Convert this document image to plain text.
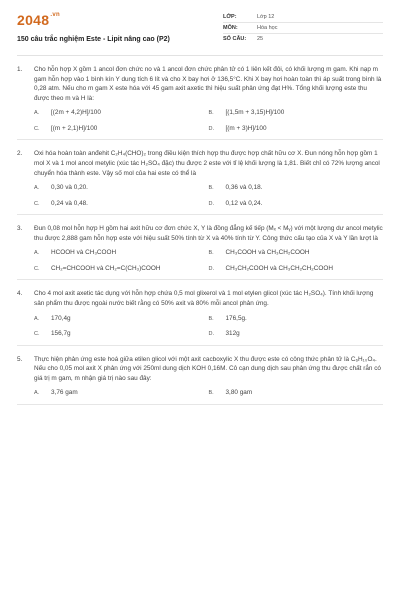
$2048^{.vn}$
150 câu trắc nghiệm Este - Lipit nâng cao (P2)
LỚP:	Lớp 12
MÔN:	Hóa học
SỐ CÂU:	25
1.	Cho hỗn hợp X gồm 1 ancol đơn chức no và 1 ancol đơn chức phân tử có 1 liên kết đôi, có khối lượng m gam. Khi nạp m gam hỗn hợp vào 1 bình kín Y dung tích 6 lít và cho X bay hơi ở 136,5°C. Khi X bay hơi hoàn toàn thì áp suất trong bình là 0,28 atm. Nếu cho m gam X este hóa với 45 gam axit axetic thì hiệu suất phản ứng đạt H%. Tổng khối lượng este thu được theo m và H là:
A.	[(2m + 4,2)H]/100	B.	[(1,5m + 3,15)H]/100
C.	[(m + 2,1)H]/100	D.	[(m + 3)H]/100
2.	Oxi hóa hoàn toàn anđehit C₂H₄(CHO)₂ trong điều kiện thích hợp thu được hợp chất hữu cơ X. Đun nóng hỗn hợp gồm 1 mol X và 1 mol ancol metylic (xúc tác H₂SO₄ đặc) thu được 2 este với tỉ lệ khối lượng là 1,81. Biết chỉ có 72% lượng ancol chuyển hóa thành este. Vậy số mol của hai este có thể là
A.	0,30 và 0,20.	B.	0,36 và 0,18.
C.	0,24 và 0,48.	D.	0,12 và 0,24.
3.	Đun 0,08 mol hỗn hợp H gồm hai axit hữu cơ đơn chức X, Y là đồng đẳng kế tiếp (Mₓ < Mᵧ) với một lượng dư ancol metylic thu được 2,888 gam hỗn hợp este với hiệu suất 50% tính từ X và 40% tính từ Y. Công thức cấu tạo của X và Y lần lượt là
A.	HCOOH và CH₃COOH	B.	CH₃COOH và CH₃CH₂COOH
C.	CH₂=CHCOOH và CH₂=C(CH₃)COOH	D.	CH₃CH₂COOH và CH₃CH₂CH₂COOH
4.	Cho 4 mol axit axetic tác dụng với hỗn hợp chứa 0,5 mol glixerol và 1 mol etylen glicol (xúc tác H₂SO₄). Tính khối lượng sản phẩm thu được ngoài nước biết rằng có 50% axit và 80% mỗi ancol phản ứng.
A.	170,4g	B.	176,5g.
C.	156,7g	D.	312g
5.	Thực hiện phản ứng este hoá giữa etilen glicol với một axit cacboxylic X thu được este có công thức phân tử là C₆H₁₀O₄. Nếu cho 0,05 mol axit X phản ứng với 250ml dung dịch KOH 0,16M. Cô cạn dung dịch sau phản ứng thu được chất rắn có giá trị m gam, m nhận giá trị nào sau đây:
A.	3,76 gam	B.	3,80 gam
